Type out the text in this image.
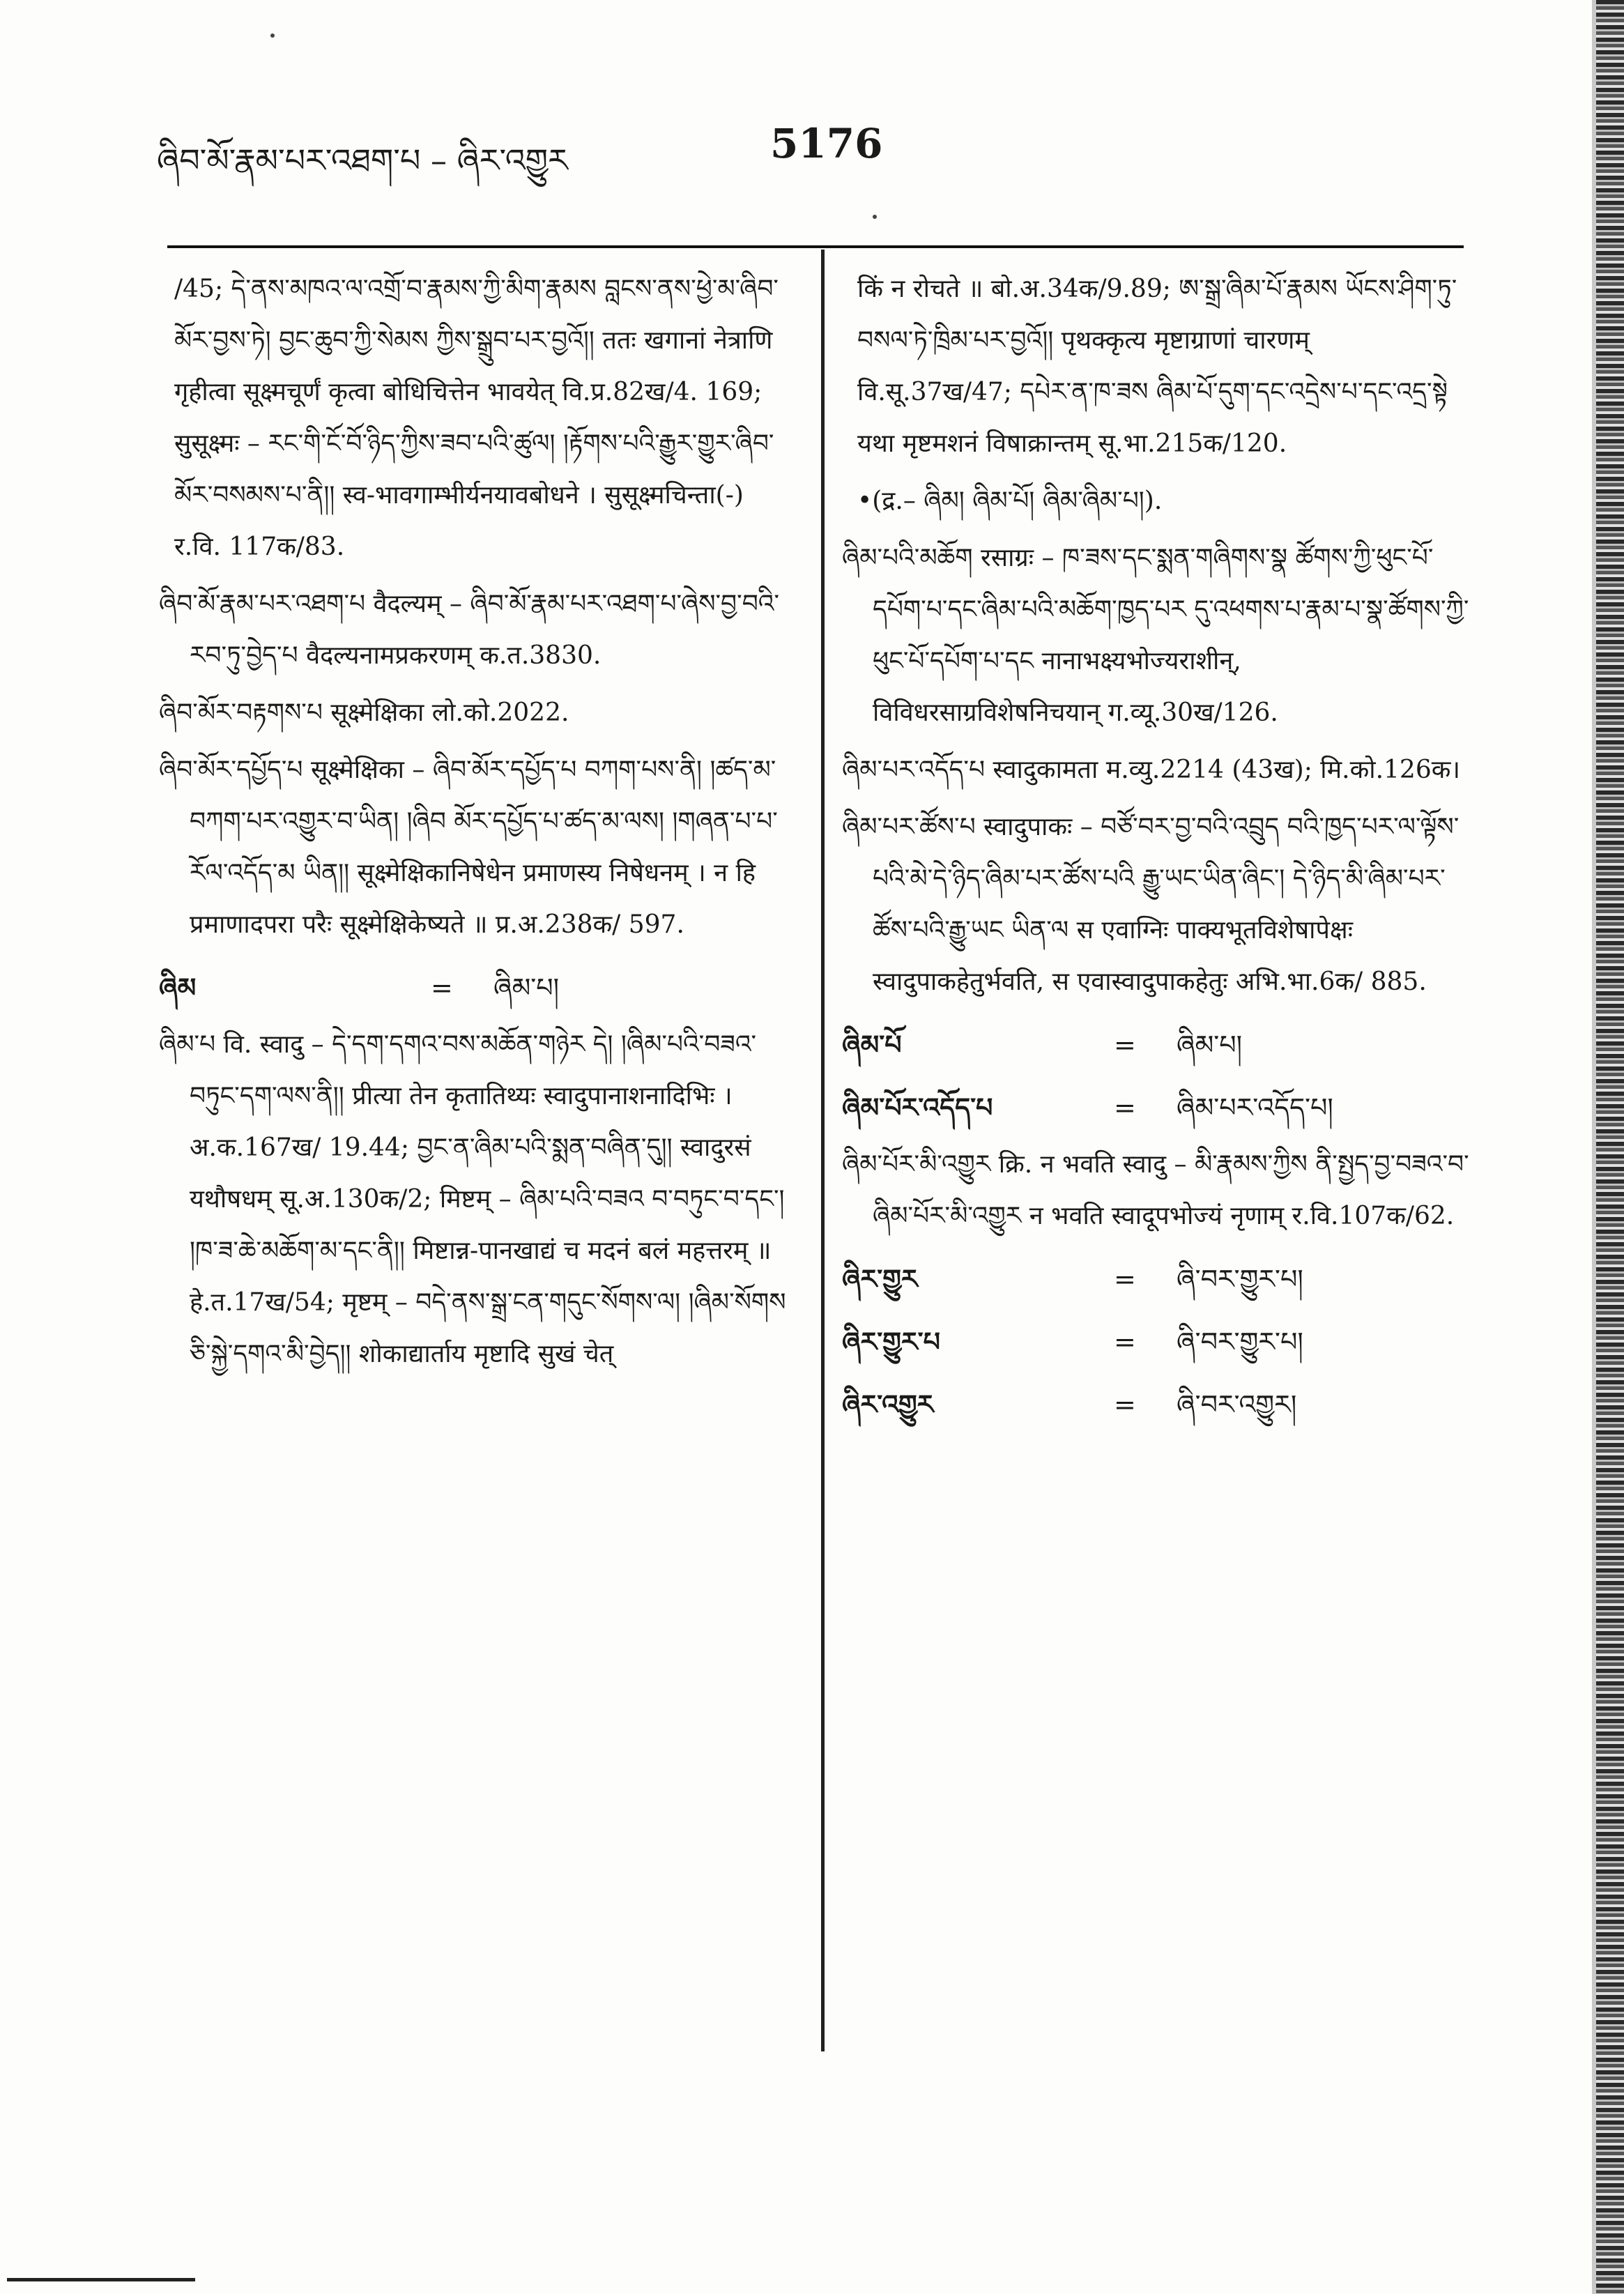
ཞིབ་མོ་རྣམ་པར་འཐག་པ – ཞིར་འགྱུར	5176

/45; དེ་ནས་མཁའ་ལ་འགྲོ་བ་རྣམས་ཀྱི་མིག་རྣམས བླངས་ནས་ཕྱེ་མ་ཞིབ་མོར་བྱས་ཏེ། བྱང་ཆུབ་ཀྱི་སེམས ཀྱིས་སྒྲུབ་པར་བྱའོ།། ततः खगानां नेत्राणि गृहीत्वा सूक्ष्मचूर्णं कृत्वा बोधिचित्तेन भावयेत् वि.प्र.82ख/4. 169; सुसूक्ष्मः – རང་གི་ངོ་བོ་ཉིད་ཀྱིས་ཟབ་པའི་ཚུལ། །རྟོགས་པའི་རྒྱུར་གྱུར་ཞིབ་མོར་བསམས་པ་ནི།། स्व-भावगाम्भीर्यनयावबोधने । सुसूक्ष्मचिन्ता(-) र.वि. 117क/83.

ཞིབ་མོ་རྣམ་པར་འཐག་པ वैदल्यम् – ཞིབ་མོ་རྣམ་པར་འཐག་པ་ཞེས་བྱ་བའི་རབ་ཏུ་བྱེད་པ वैदल्यनामप्रकरणम् क.त.3830.

ཞིབ་མོར་བརྟགས་པ सूक्ष्मेक्षिका लो.को.2022.

ཞིབ་མོར་དཔྱོད་པ सूक्ष्मेक्षिका – ཞིབ་མོར་དཔྱོད་པ བཀག་པས་ནི། །ཚད་མ་བཀག་པར་འགྱུར་བ་ཡིན། །ཞིབ མོར་དཔྱོད་པ་ཚད་མ་ལས། །གཞན་པ་པ་རོལ་འདོད་མ ཡིན།། सूक्ष्मेक्षिकानिषेधेन प्रमाणस्य निषेधनम् । न हि प्रमाणादपरा परैः सूक्ष्मेक्षिकेष्यते ॥ प्र.अ.238क/ 597.

ཞིམ	=	ཞིམ་པ།

ཞིམ་པ वि. स्वादु – དེ་དག་དགའ་བས་མཆོན་གཉེར དེ། །ཞིམ་པའི་བཟའ་བཏུང་དག་ལས་ནི།། प्रीत्या तेन कृतातिथ्यः स्वादुपानाशनादिभिः । अ.क.167ख/ 19.44; བྱང་ན་ཞིམ་པའི་སྨན་བཞིན་དུ།། स्वादुरसं यथौषधम् सू.अ.130क/2; मिष्टम् – ཞིམ་པའི་བཟའ བ་བཏུང་བ་དང་། །ཁ་ཟ་ཆེ་མཆོག་མ་དང་ནི།། मिष्टान्न-पानखाद्यं च मदनं बलं महत्तरम् ॥ हे.त.17ख/54; मृष्टम् – བདེ་ནས་སྒྲ་ངན་གདུང་སོགས་ལ། །ཞིམ་སོགས ཅི་སྐྱེ་དགའ་མི་བྱེད།། शोकाद्यार्ताय मृष्टादि सुखं चेत्

किं न रोचते ॥ बो.अ.34क/9.89; ཨ་སྒྲ་ཞིམ་པོ་རྣམས ཡོངས་ཤིག་ཏུ་བསལ་ཏེ་ཁྲིམ་པར་བྱའོ།། पृथक्कृत्य मृष्टाग्राणां चारणम् वि.सू.37ख/47; དཔེར་ན་ཁ་ཟས ཞིམ་པོ་དུག་དང་འདྲེས་པ་དང་འདྲ་སྟེ यथा मृष्टमशनं विषाक्रान्तम् सू.भा.215क/120.

•(द्र.– ཞིམ། ཞིམ་པོ། ཞིམ་ཞིམ་པ།).

ཞིམ་པའི་མཆོག रसाग्रः – ཁ་ཟས་དང་སྨན་གཞིགས་སྣ ཚོགས་ཀྱི་ཕུང་པོ་དཔོག་པ་དང་ཞིམ་པའི་མཆོག་ཁྱད་པར དུ་འཕགས་པ་རྣམ་པ་སྣ་ཚོགས་ཀྱི་ཕུང་པོ་དཔོག་པ་དང नानाभक्ष्यभोज्यराशीन्, विविधरसाग्रविशेषनिचयान् ग.व्यू.30ख/126.

ཞིམ་པར་འདོད་པ स्वादुकामता म.व्यु.2214 (43ख); मि.को.126क।

ཞིམ་པར་ཚོས་པ स्वादुपाकः – བཙོ་བར་བྱ་བའི་འབྲུད བའི་ཁྱད་པར་ལ་ལྟོས་པའི་མེ་དེ་ཉིད་ཞིམ་པར་ཚོས་པའི རྒྱུ་ཡང་ཡིན་ཞིང་། དེ་ཉིད་མི་ཞིམ་པར་ཚོས་པའི་རྒྱུ་ཡང ཡིན་ལ स एवाग्निः पाक्यभूतविशेषापेक्षः स्वादुपाकहेतुर्भवति, स एवास्वादुपाकहेतुः अभि.भा.6क/ 885.

ཞིམ་པོ	=	ཞིམ་པ།
ཞིམ་པོར་འདོད་པ	=	ཞིམ་པར་འདོད་པ།

ཞིམ་པོར་མི་འགྱུར क्रि. न भवति स्वादु – མི་རྣམས་ཀྱིས ནི་སྤྱད་བྱ་བཟའ་བ་ཞིམ་པོར་མི་འགྱུར न भवति स्वादूपभोज्यं नृणाम् र.वि.107क/62.

ཞིར་གྱུར	=	ཞི་བར་གྱུར་པ།
ཞིར་གྱུར་པ	=	ཞི་བར་གྱུར་པ།
ཞིར་འགྱུར	=	ཞི་བར་འགྱུར།
